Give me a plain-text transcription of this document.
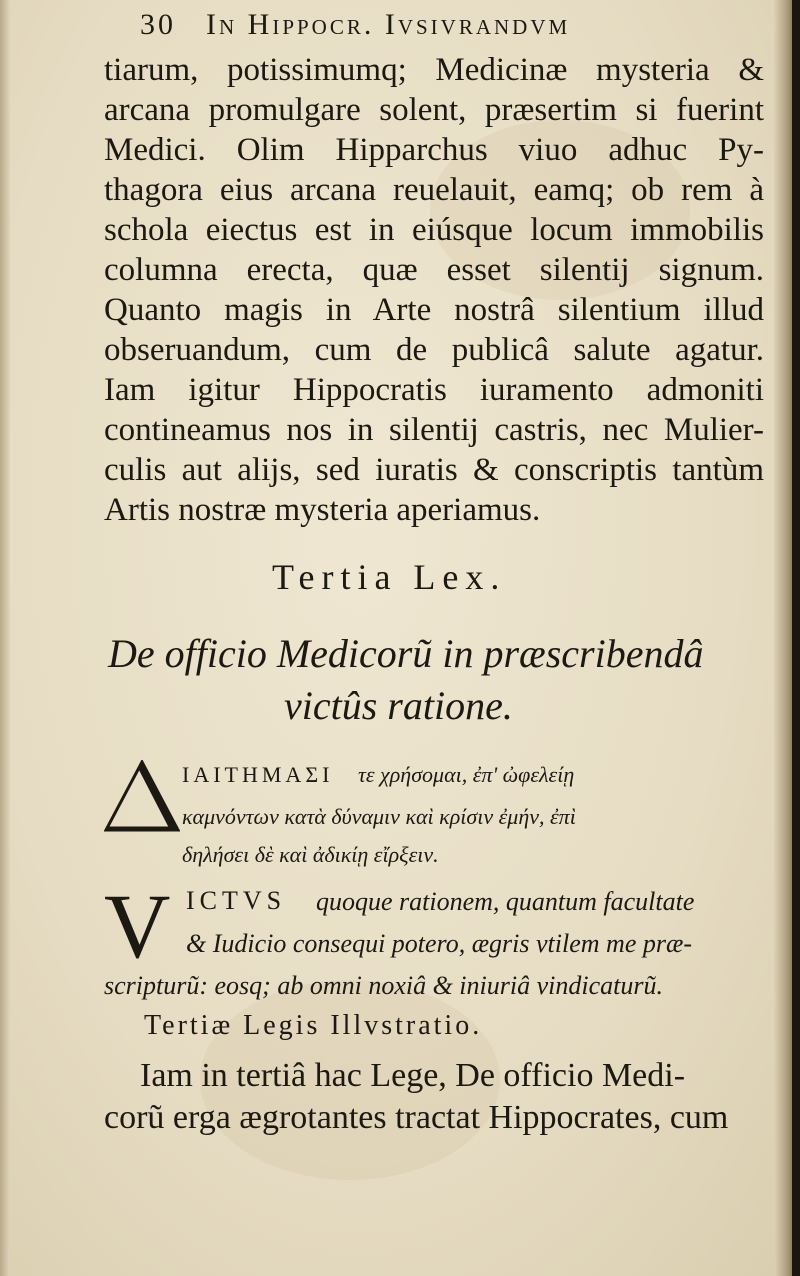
30 In Hippocr. Ivsivrandvm
tiarum, potissimumq; Medicinæ mysteria &
arcana promulgare solent, præsertim si fuerint
Medici. Olim Hipparchus viuo adhuc Py-
thagora eius arcana reuelauit, eamq; ob rem à
schola eiectus est in eiúsque locum immobilis
columna erecta, quæ esset silentij signum.
Quanto magis in Arte nostrâ silentium illud
obseruandum, cum de publicâ salute agatur.
Iam igitur Hippocratis iuramento admoniti
contineamus nos in silentij castris, nec Mulier-
culis aut alijs, sed iuratis & conscriptis tantùm
Artis nostræ mysteria aperiamus.
Tertia Lex.
De officio Medicorũ in præscribendâ
victûs ratione.
ΙΑΙΤΗΜΑΣΙ τε χρήσομαι, ἐπ' ὠφελείῃ
καμνόντων κατὰ δύναμιν καὶ κρίσιν ἐμήν, ἐπὶ
δηλήσει δὲ καὶ ἀδικίῃ εἴρξειν.
V ICTVS quoque rationem, quantum facultate
& Iudicio consequi potero, ægris vtilem me præ-
scripturũ: eosq; ab omni noxiâ & iniuriâ vindicaturũ.
Tertiæ Legis Illvstratio.
Iam in tertiâ hac Lege, De officio Medi-
corũ erga ægrotantes tractat Hippocrates, cum
